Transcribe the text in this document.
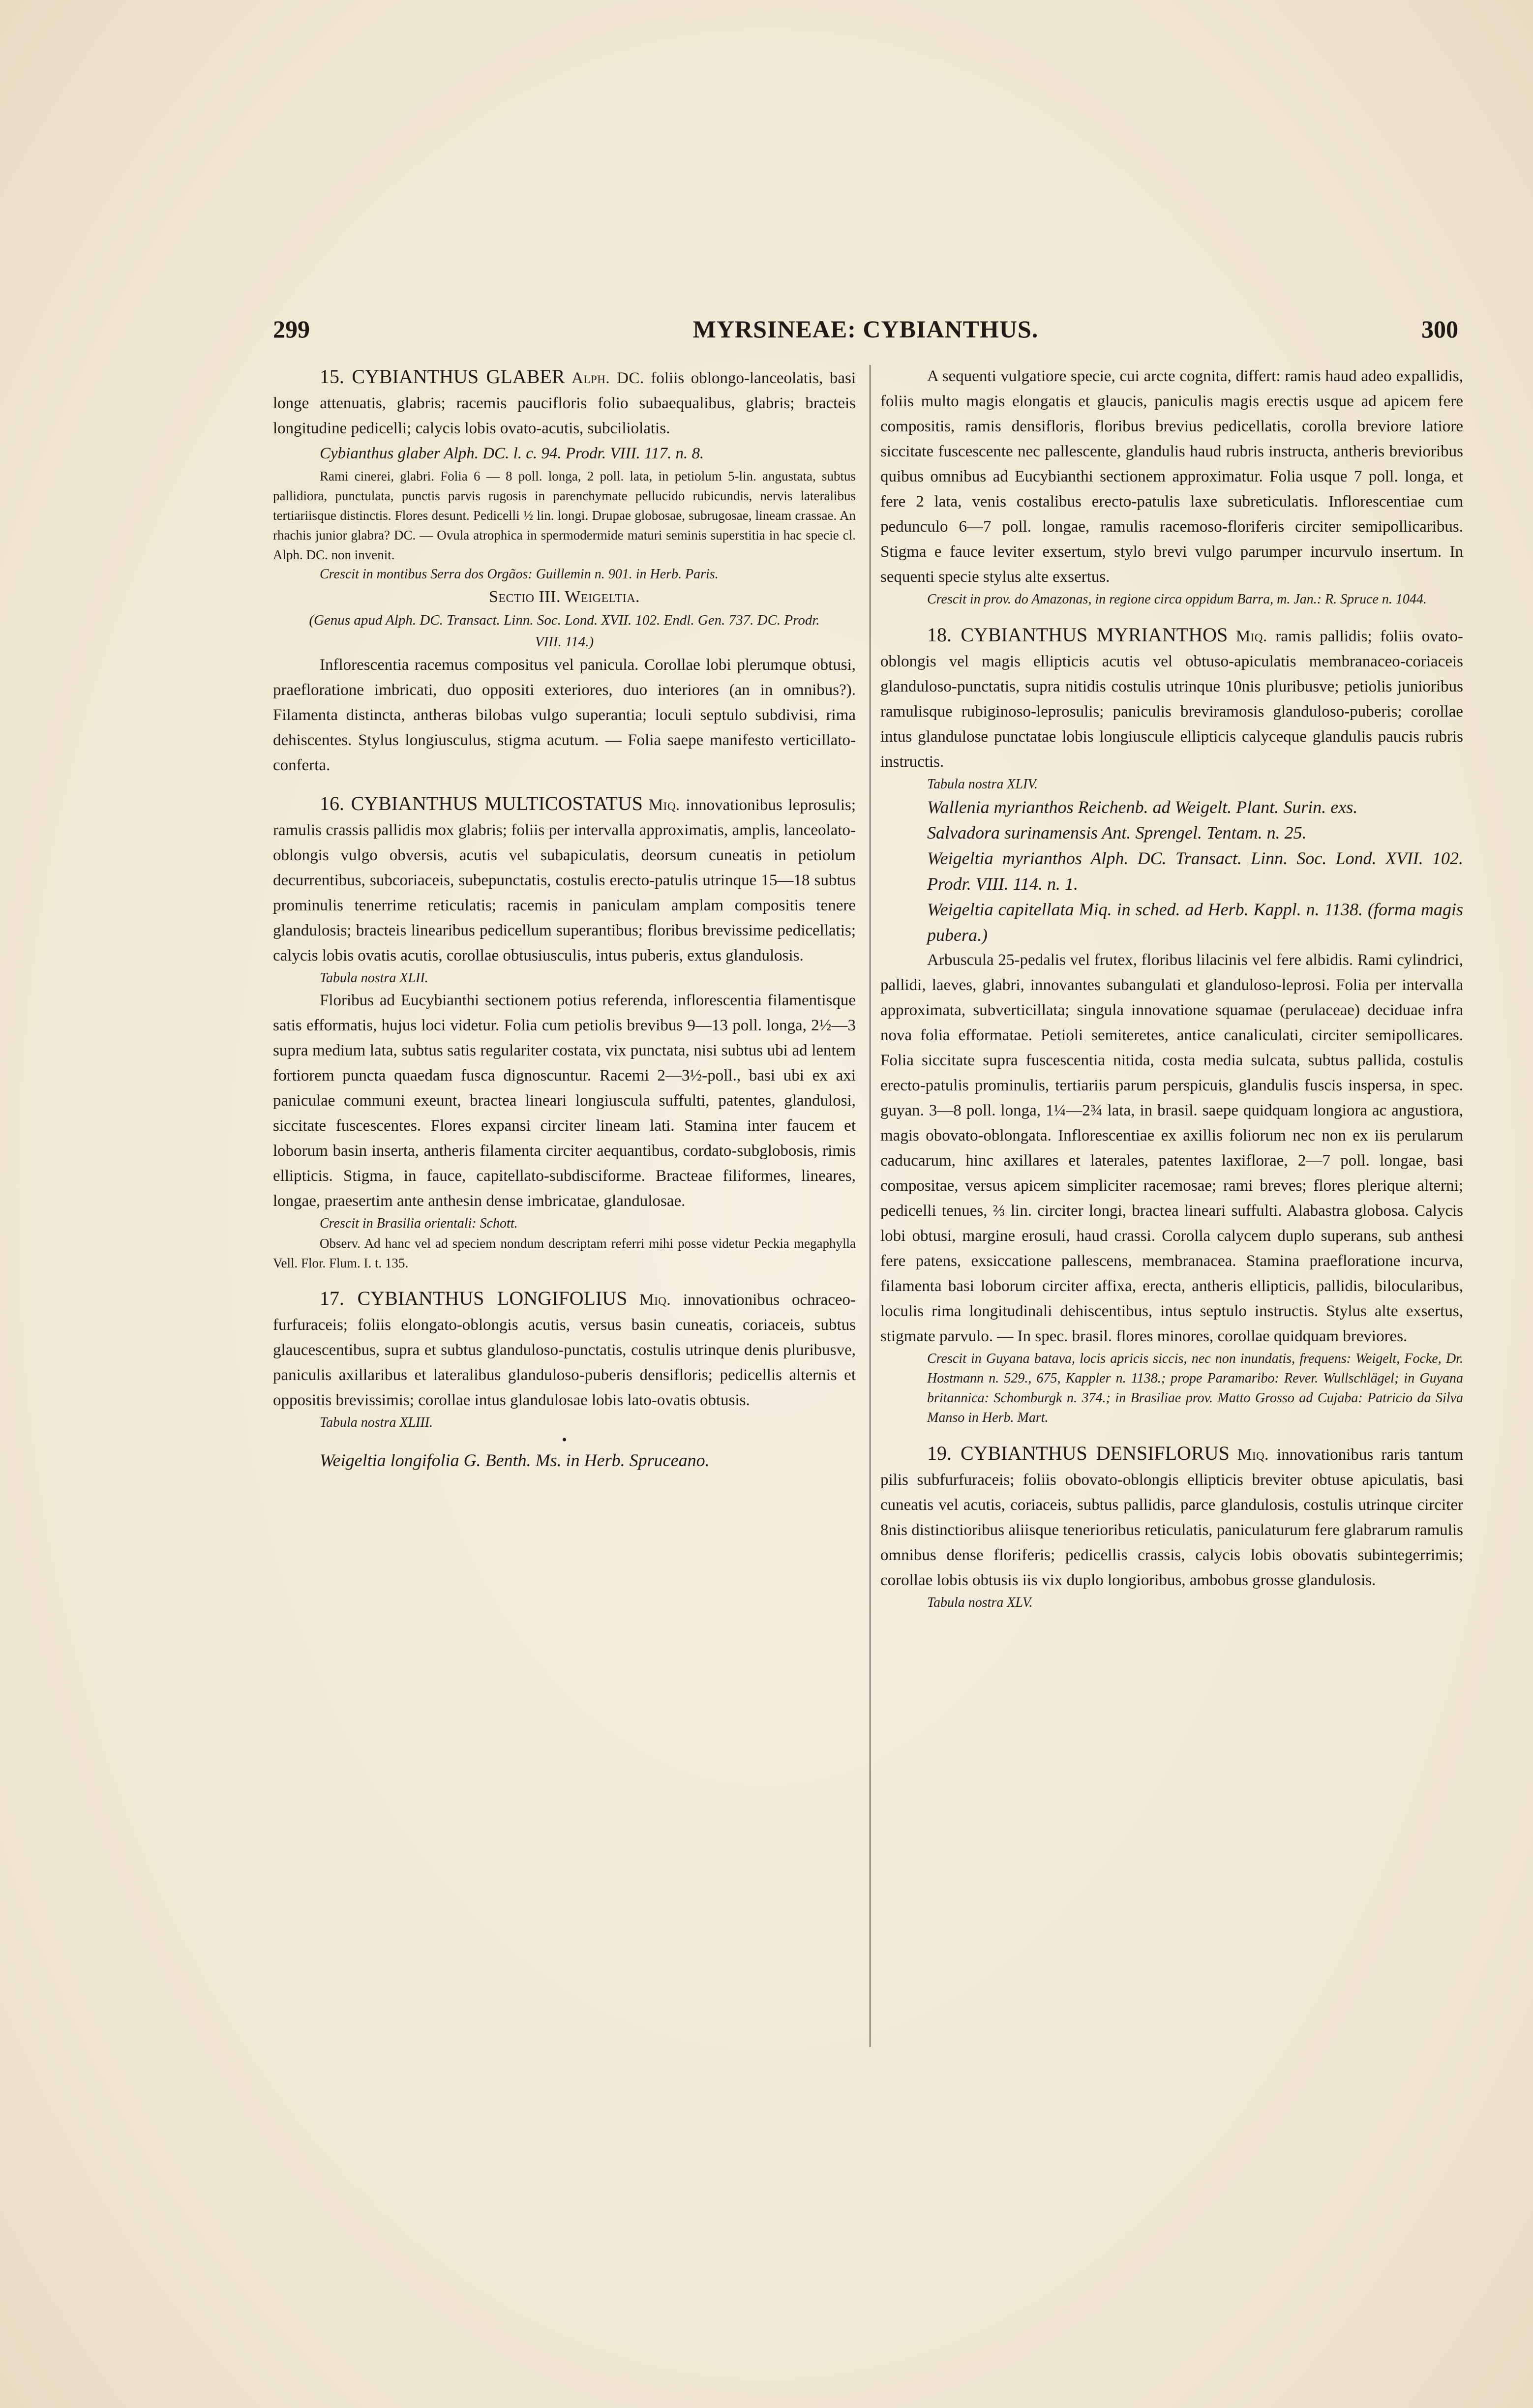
299	MYRSINEAE: CYBIANTHUS.	300

15. CYBIANTHUS GLABER Alph. DC. foliis oblongo-lanceolatis, basi longe attenuatis, glabris; racemis paucifloris folio subaequalibus, glabris; bracteis longitudine pedicelli; calycis lobis ovato-acutis, subciliolatis.

Cybianthus glaber Alph. DC. l. c. 94. Prodr. VIII. 117. n. 8.

Rami cinerei, glabri. Folia 6 — 8 poll. longa, 2 poll. lata, in petiolum 5-lin. angustata, subtus pallidiora, punctulata, punctis parvis rugosis in parenchymate pellucido rubicundis, nervis lateralibus tertiariisque distinctis. Flores desunt. Pedicelli ½ lin. longi. Drupae globosae, subrugosae, lineam crassae. An rhachis junior glabra? DC. — Ovula atrophica in spermodermide maturi seminis superstitia in hac specie cl. Alph. DC. non invenit.

Crescit in montibus Serra dos Orgãos: Guillemin n. 901. in Herb. Paris.

Sectio III. Weigeltia.

(Genus apud Alph. DC. Transact. Linn. Soc. Lond. XVII. 102. Endl. Gen. 737. DC. Prodr. VIII. 114.)

Inflorescentia racemus compositus vel panicula. Corollae lobi plerumque obtusi, praefloratione imbricati, duo oppositi exteriores, duo interiores (an in omnibus?). Filamenta distincta, antheras bilobas vulgo superantia; loculi septulo subdivisi, rima dehiscentes. Stylus longiusculus, stigma acutum. — Folia saepe manifesto verticillato-conferta.

16. CYBIANTHUS MULTICOSTATUS Miq. innovationibus leprosulis; ramulis crassis pallidis mox glabris; foliis per intervalla approximatis, amplis, lanceolato-oblongis vulgo obversis, acutis vel subapiculatis, deorsum cuneatis in petiolum decurrentibus, subcoriaceis, subepunctatis, costulis erecto-patulis utrinque 15—18 subtus prominulis tenerrime reticulatis; racemis in paniculam amplam compositis tenere glandulosis; bracteis linearibus pedicellum superantibus; floribus brevissime pedicellatis; calycis lobis ovatis acutis, corollae obtusiusculis, intus puberis, extus glandulosis.

Tabula nostra XLII.

Floribus ad Eucybianthi sectionem potius referenda, inflorescentia filamentisque satis efformatis, hujus loci videtur. Folia cum petiolis brevibus 9—13 poll. longa, 2½—3 supra medium lata, subtus satis regulariter costata, vix punctata, nisi subtus ubi ad lentem fortiorem puncta quaedam fusca dignoscuntur. Racemi 2—3½-poll., basi ubi ex axi paniculae communi exeunt, bractea lineari longiuscula suffulti, patentes, glandulosi, siccitate fuscescentes. Flores expansi circiter lineam lati. Stamina inter faucem et loborum basin inserta, antheris filamenta circiter aequantibus, cordato-subglobosis, rimis ellipticis. Stigma, in fauce, capitellato-subdisciforme. Bracteae filiformes, lineares, longae, praesertim ante anthesin dense imbricatae, glandulosae.

Crescit in Brasilia orientali: Schott.

Observ. Ad hanc vel ad speciem nondum descriptam referri mihi posse videtur Peckia megaphylla Vell. Flor. Flum. I. t. 135.

17. CYBIANTHUS LONGIFOLIUS Miq. innovationibus ochraceo-furfuraceis; foliis elongato-oblongis acutis, versus basin cuneatis, coriaceis, subtus glaucescentibus, supra et subtus glanduloso-punctatis, costulis utrinque denis pluribusve, paniculis axillaribus et lateralibus glanduloso-puberis densifloris; pedicellis alternis et oppositis brevissimis; corollae intus glandulosae lobis lato-ovatis obtusis.

Tabula nostra XLIII.

•

Weigeltia longifolia G. Benth. Ms. in Herb. Spruceano.

A sequenti vulgatiore specie, cui arcte cognita, differt: ramis haud adeo expallidis, foliis multo magis elongatis et glaucis, paniculis magis erectis usque ad apicem fere compositis, ramis densifloris, floribus brevius pedicellatis, corolla breviore latiore siccitate fuscescente nec pallescente, glandulis haud rubris instructa, antheris brevioribus quibus omnibus ad Eucybianthi sectionem approximatur. Folia usque 7 poll. longa, et fere 2 lata, venis costalibus erecto-patulis laxe subreticulatis. Inflorescentiae cum pedunculo 6—7 poll. longae, ramulis racemoso-floriferis circiter semipollicaribus. Stigma e fauce leviter exsertum, stylo brevi vulgo parumper incurvulo insertum. In sequenti specie stylus alte exsertus.

Crescit in prov. do Amazonas, in regione circa oppidum Barra, m. Jan.: R. Spruce n. 1044.

18. CYBIANTHUS MYRIANTHOS Miq. ramis pallidis; foliis ovato-oblongis vel magis ellipticis acutis vel obtuso-apiculatis membranaceo-coriaceis glanduloso-punctatis, supra nitidis costulis utrinque 10nis pluribusve; petiolis junioribus ramulisque rubiginoso-leprosulis; paniculis breviramosis glanduloso-puberis; corollae intus glandulose punctatae lobis longiuscule ellipticis calyceque glandulis paucis rubris instructis.

Tabula nostra XLIV.

Wallenia myrianthos Reichenb. ad Weigelt. Plant. Surin. exs.

Salvadora surinamensis Ant. Sprengel. Tentam. n. 25.

Weigeltia myrianthos Alph. DC. Transact. Linn. Soc. Lond. XVII. 102. Prodr. VIII. 114. n. 1.

Weigeltia capitellata Miq. in sched. ad Herb. Kappl. n. 1138. (forma magis pubera.)

Arbuscula 25-pedalis vel frutex, floribus lilacinis vel fere albidis. Rami cylindrici, pallidi, laeves, glabri, innovantes subangulati et glanduloso-leprosi. Folia per intervalla approximata, subverticillata; singula innovatione squamae (perulaceae) deciduae infra nova folia efformatae. Petioli semiteretes, antice canaliculati, circiter semipollicares. Folia siccitate supra fuscescentia nitida, costa media sulcata, subtus pallida, costulis erecto-patulis prominulis, tertiariis parum perspicuis, glandulis fuscis inspersa, in spec. guyan. 3—8 poll. longa, 1¼—2¾ lata, in brasil. saepe quidquam longiora ac angustiora, magis obovato-oblongata. Inflorescentiae ex axillis foliorum nec non ex iis perularum caducarum, hinc axillares et laterales, patentes laxiflorae, 2—7 poll. longae, basi compositae, versus apicem simpliciter racemosae; rami breves; flores plerique alterni; pedicelli tenues, ⅔ lin. circiter longi, bractea lineari suffulti. Alabastra globosa. Calycis lobi obtusi, margine erosuli, haud crassi. Corolla calycem duplo superans, sub anthesi fere patens, exsiccatione pallescens, membranacea. Stamina praefloratione incurva, filamenta basi loborum circiter affixa, erecta, antheris ellipticis, pallidis, bilocularibus, loculis rima longitudinali dehiscentibus, intus septulo instructis. Stylus alte exsertus, stigmate parvulo. — In spec. brasil. flores minores, corollae quidquam breviores.

Crescit in Guyana batava, locis apricis siccis, nec non inundatis, frequens: Weigelt, Focke, Dr. Hostmann n. 529., 675, Kappler n. 1138.; prope Paramaribo: Rever. Wullschlägel; in Guyana britannica: Schomburgk n. 374.; in Brasiliae prov. Matto Grosso ad Cujaba: Patricio da Silva Manso in Herb. Mart.

19. CYBIANTHUS DENSIFLORUS Miq. innovationibus raris tantum pilis subfurfuraceis; foliis obovato-oblongis ellipticis breviter obtuse apiculatis, basi cuneatis vel acutis, coriaceis, subtus pallidis, parce glandulosis, costulis utrinque circiter 8nis distinctioribus aliisque tenerioribus reticulatis, paniculaturum fere glabrarum ramulis omnibus dense floriferis; pedicellis crassis, calycis lobis obovatis subintegerrimis; corollae lobis obtusis iis vix duplo longioribus, ambobus grosse glandulosis.

Tabula nostra XLV.
